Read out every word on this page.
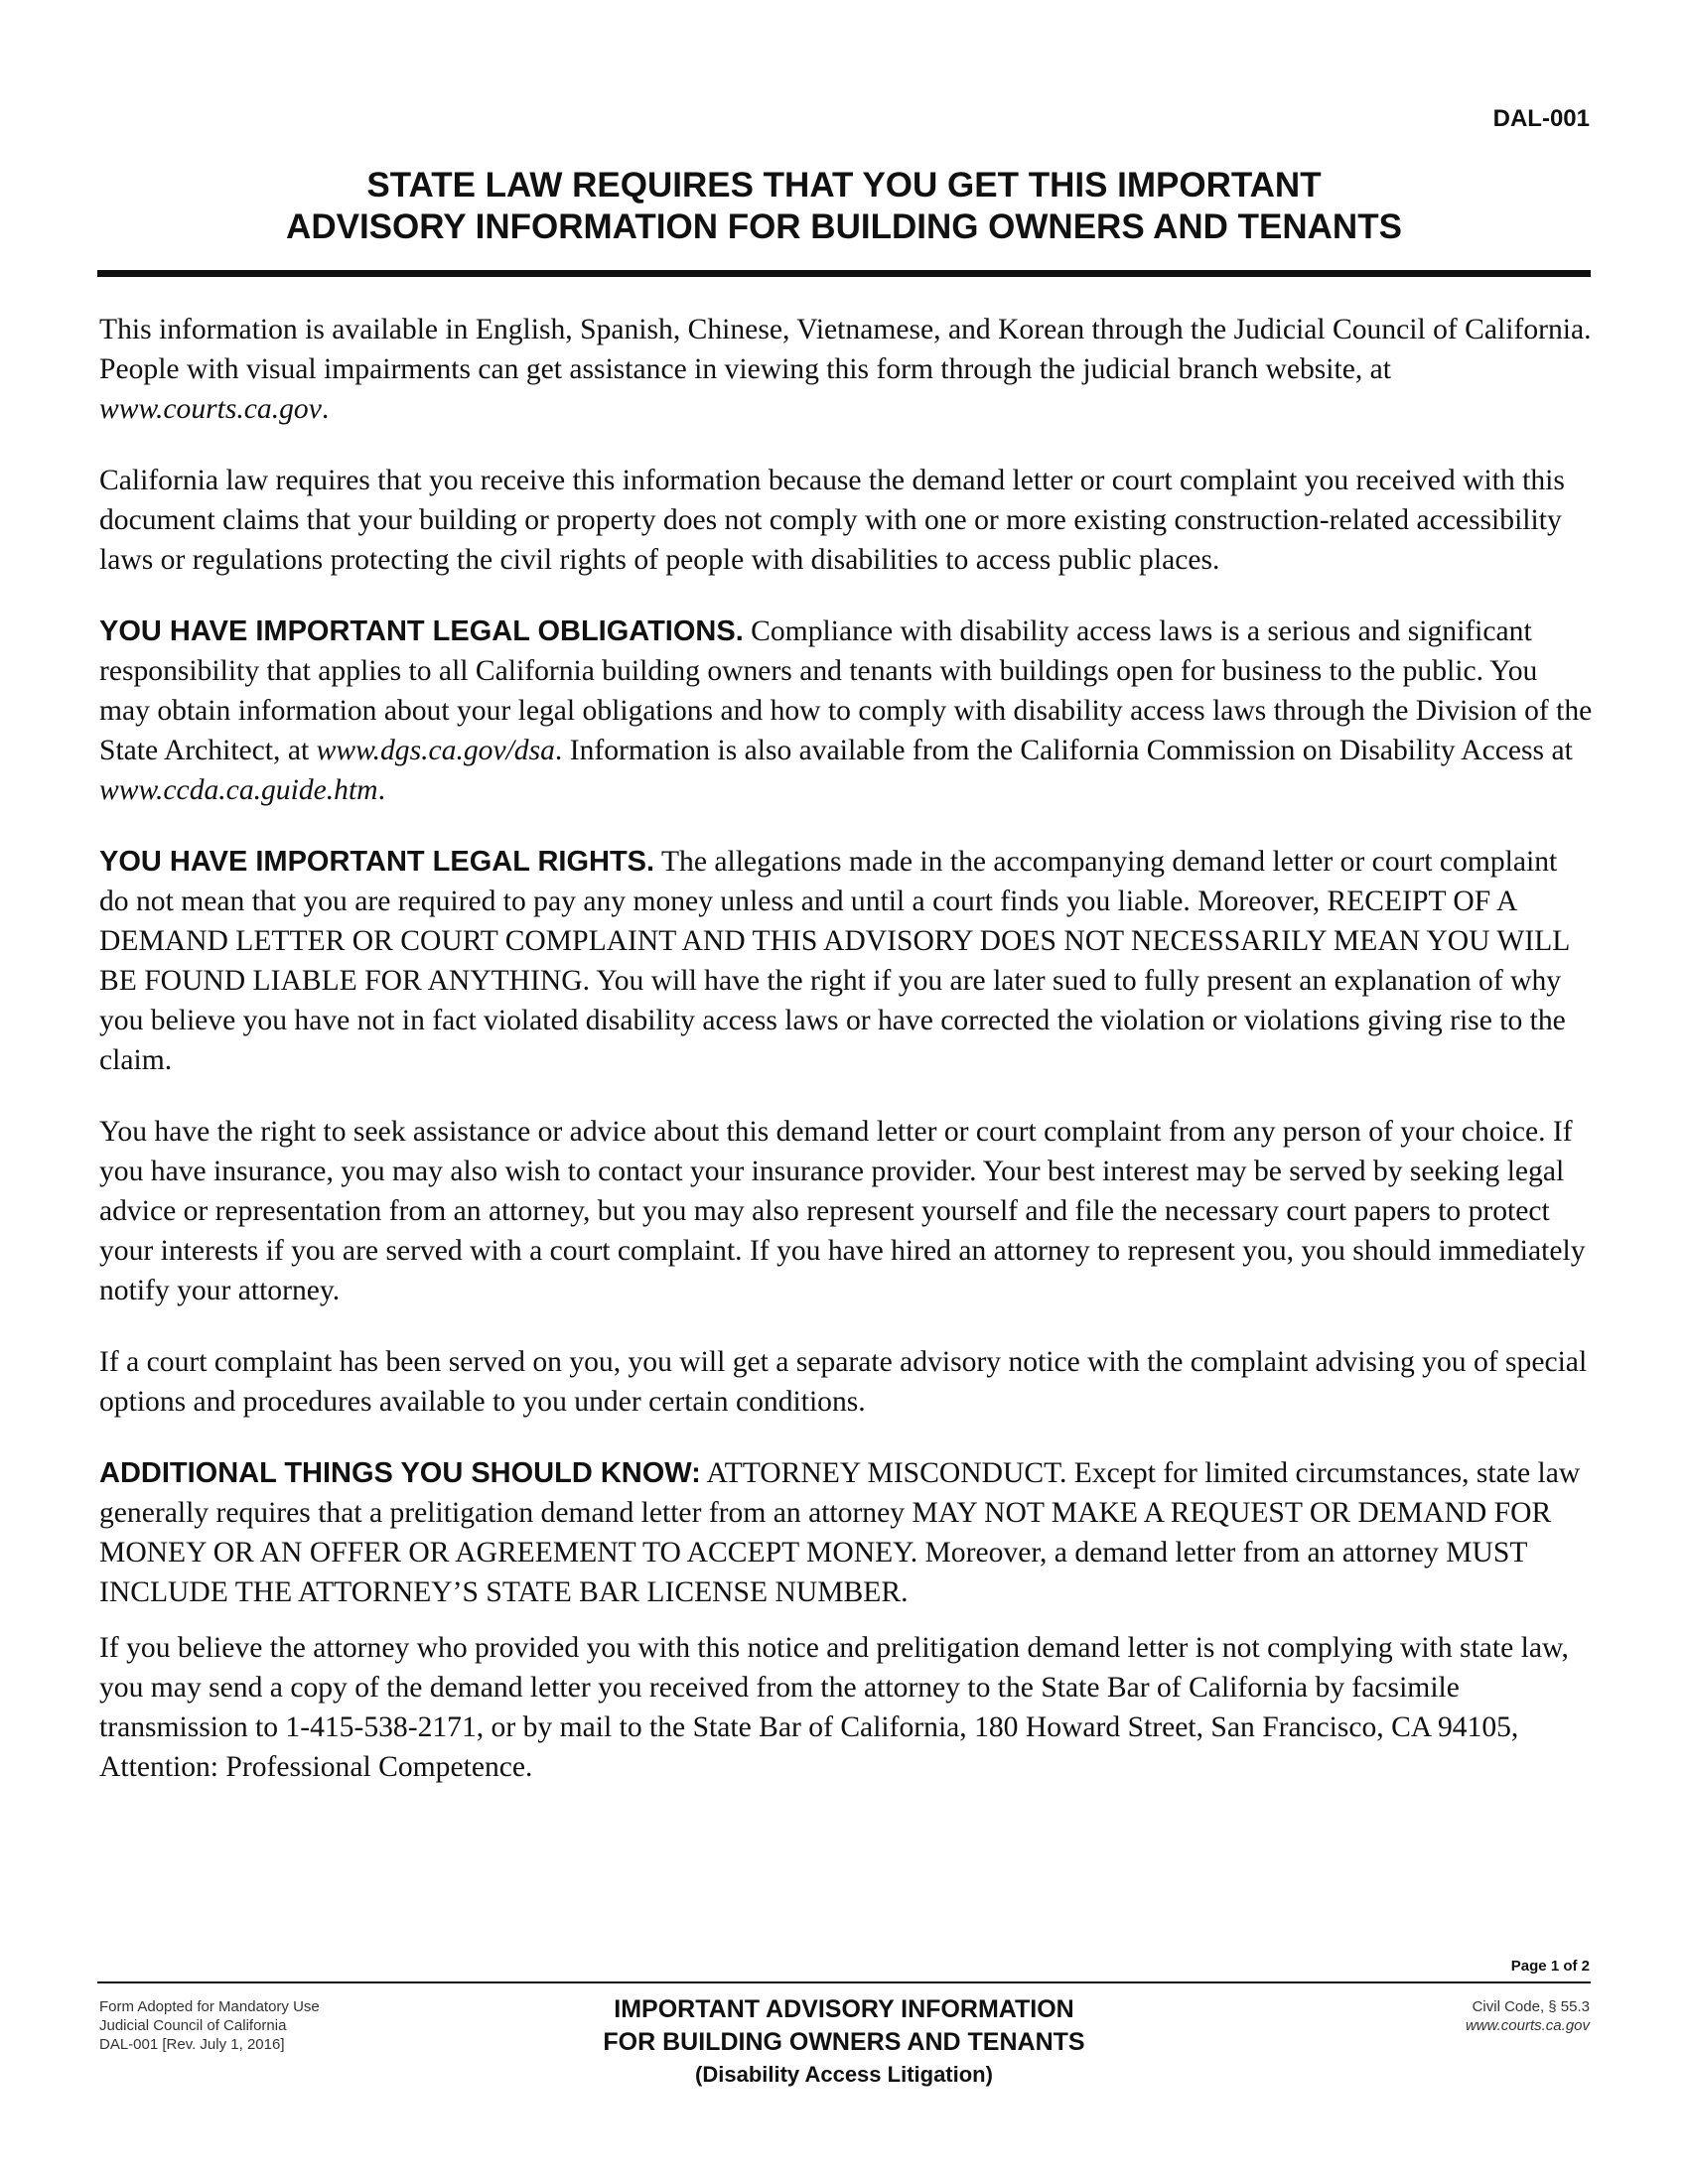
DAL-001
STATE LAW REQUIRES THAT YOU GET THIS IMPORTANT
ADVISORY INFORMATION FOR BUILDING OWNERS AND TENANTS

This information is available in English, Spanish, Chinese, Vietnamese, and Korean through the Judicial Council of California. People with visual impairments can get assistance in viewing this form through the judicial branch website, at www.courts.ca.gov.

California law requires that you receive this information because the demand letter or court complaint you received with this document claims that your building or property does not comply with one or more existing construction-related accessibility laws or regulations protecting the civil rights of people with disabilities to access public places.

YOU HAVE IMPORTANT LEGAL OBLIGATIONS. Compliance with disability access laws is a serious and significant responsibility that applies to all California building owners and tenants with buildings open for business to the public. You may obtain information about your legal obligations and how to comply with disability access laws through the Division of the State Architect, at www.dgs.ca.gov/dsa. Information is also available from the California Commission on Disability Access at www.ccda.ca.guide.htm.

YOU HAVE IMPORTANT LEGAL RIGHTS. The allegations made in the accompanying demand letter or court complaint do not mean that you are required to pay any money unless and until a court finds you liable. Moreover, RECEIPT OF A DEMAND LETTER OR COURT COMPLAINT AND THIS ADVISORY DOES NOT NECESSARILY MEAN YOU WILL BE FOUND LIABLE FOR ANYTHING. You will have the right if you are later sued to fully present an explanation of why you believe you have not in fact violated disability access laws or have corrected the violation or violations giving rise to the claim.

You have the right to seek assistance or advice about this demand letter or court complaint from any person of your choice. If you have insurance, you may also wish to contact your insurance provider. Your best interest may be served by seeking legal advice or representation from an attorney, but you may also represent yourself and file the necessary court papers to protect your interests if you are served with a court complaint. If you have hired an attorney to represent you, you should immediately notify your attorney.

If a court complaint has been served on you, you will get a separate advisory notice with the complaint advising you of special options and procedures available to you under certain conditions.

ADDITIONAL THINGS YOU SHOULD KNOW: ATTORNEY MISCONDUCT. Except for limited circumstances, state law generally requires that a prelitigation demand letter from an attorney MAY NOT MAKE A REQUEST OR DEMAND FOR MONEY OR AN OFFER OR AGREEMENT TO ACCEPT MONEY. Moreover, a demand letter from an attorney MUST INCLUDE THE ATTORNEY’S STATE BAR LICENSE NUMBER.

If you believe the attorney who provided you with this notice and prelitigation demand letter is not complying with state law, you may send a copy of the demand letter you received from the attorney to the State Bar of California by facsimile transmission to 1-415-538-2171, or by mail to the State Bar of California, 180 Howard Street, San Francisco, CA 94105, Attention: Professional Competence.

Page 1 of 2
Form Adopted for Mandatory Use
Judicial Council of California
DAL-001 [Rev. July 1, 2016]
IMPORTANT ADVISORY INFORMATION
FOR BUILDING OWNERS AND TENANTS
(Disability Access Litigation)
Civil Code, § 55.3
www.courts.ca.gov
